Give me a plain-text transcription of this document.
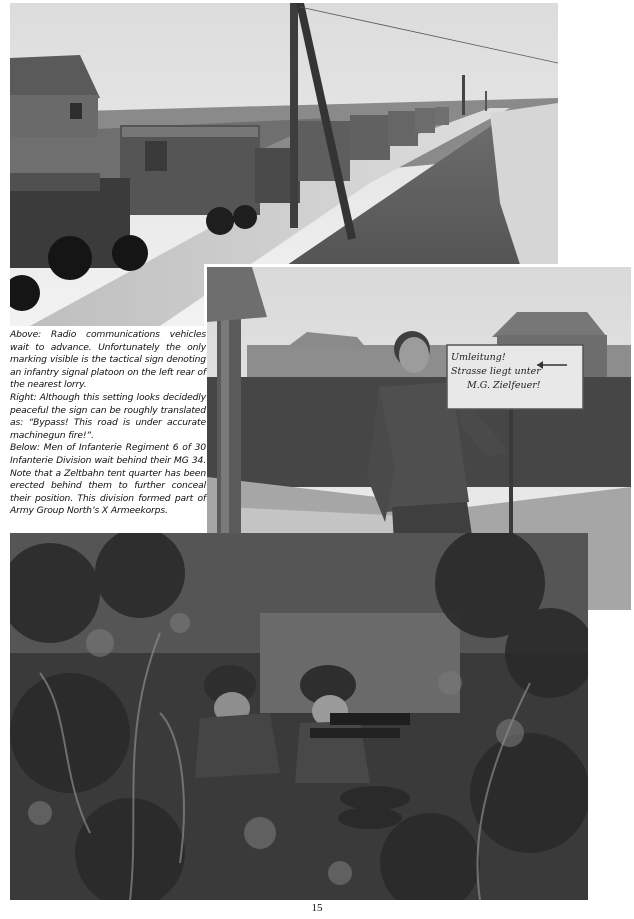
Umleitung!
Strasse liegt unter
M.G. Zielfeuer!

Above: Radio communications vehicles wait to advance. Unfortunately the only marking visible is the tactical sign denoting an infantry signal platoon on the left rear of the nearest lorry.

Right: Although this setting looks decidedly peaceful the sign can be roughly translated as: “Bypass! This road is under accurate machinegun fire!”.

Below: Men of Infanterie Regiment 6 of 30 Infanterie Division wait behind their MG 34. Note that a Zeltbahn tent quarter has been erected behind them to further conceal their position. This division formed part of Army Group North’s X Armeekorps.

15
